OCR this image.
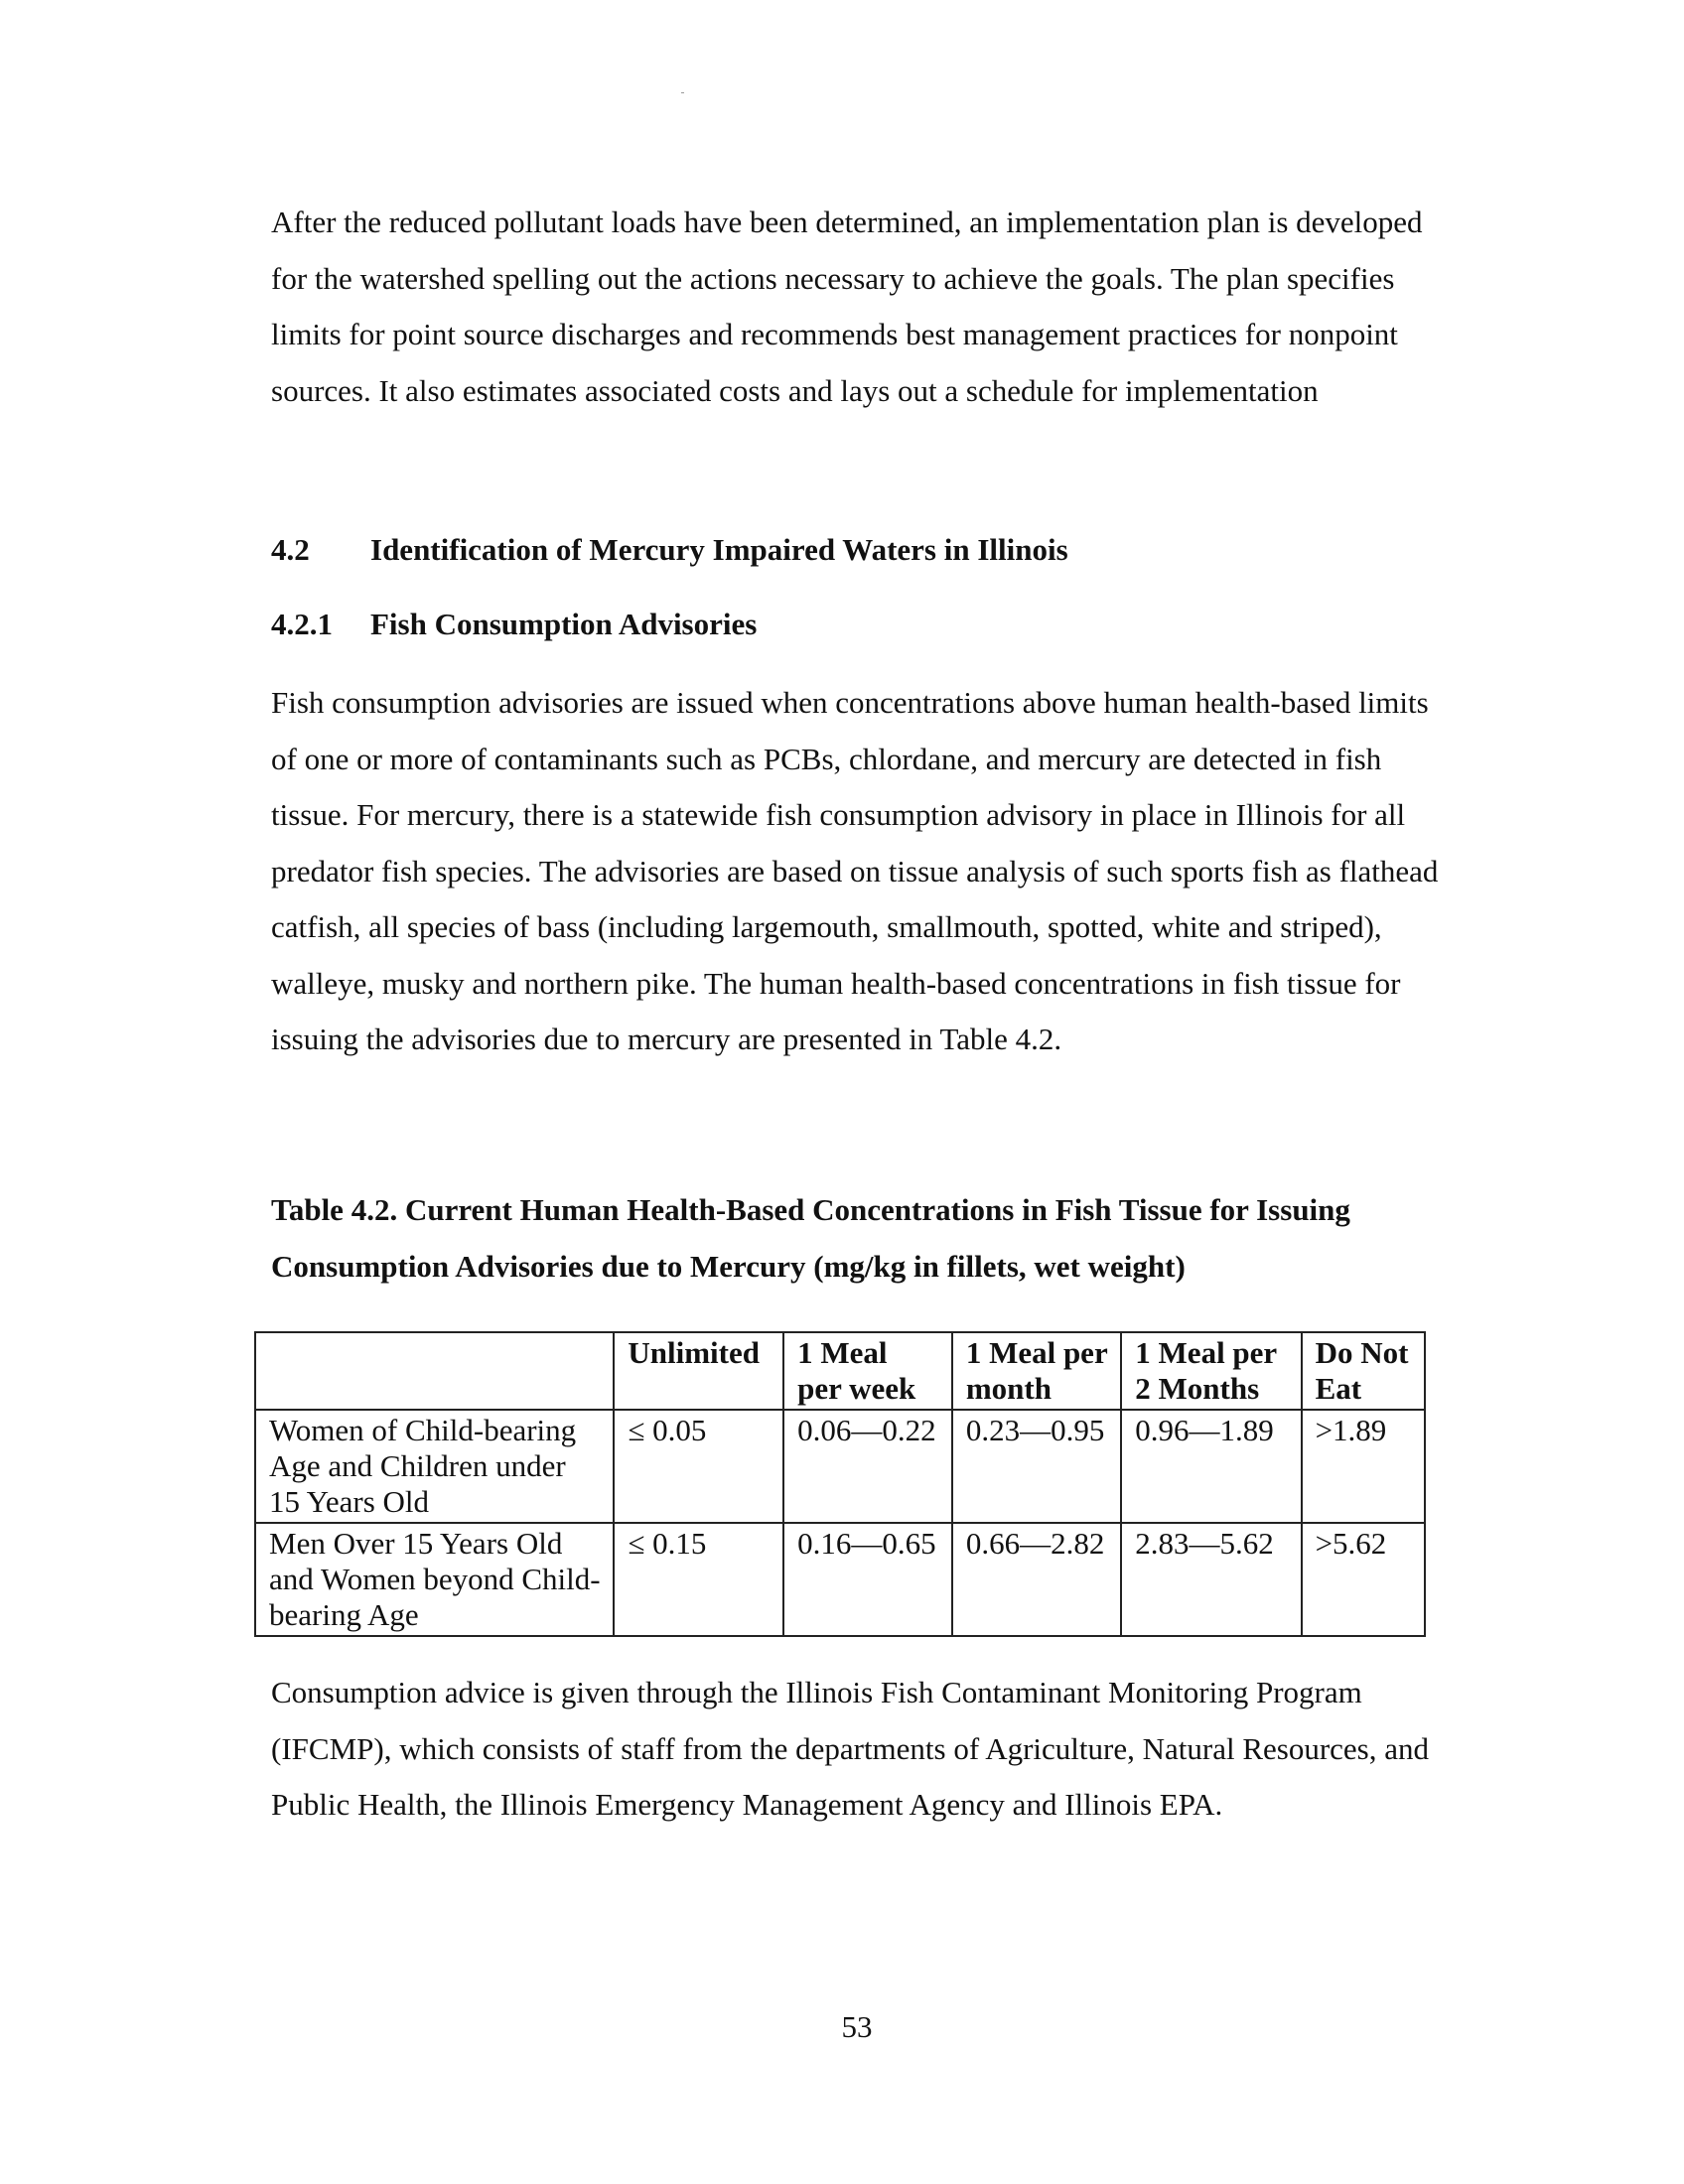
After the reduced pollutant loads have been determined, an implementation plan is developed for the watershed spelling out the actions necessary to achieve the goals. The plan specifies limits for point source discharges and recommends best management practices for nonpoint sources. It also estimates associated costs and lays out a schedule for implementation

4.2 Identification of Mercury Impaired Waters in Illinois
4.2.1 Fish Consumption Advisories

Fish consumption advisories are issued when concentrations above human health-based limits of one or more of contaminants such as PCBs, chlordane, and mercury are detected in fish tissue. For mercury, there is a statewide fish consumption advisory in place in Illinois for all predator fish species. The advisories are based on tissue analysis of such sports fish as flathead catfish, all species of bass (including largemouth, smallmouth, spotted, white and striped), walleye, musky and northern pike. The human health-based concentrations in fish tissue for issuing the advisories due to mercury are presented in Table 4.2.

Table 4.2. Current Human Health-Based Concentrations in Fish Tissue for Issuing Consumption Advisories due to Mercury (mg/kg in fillets, wet weight)

	Unlimited	1 Meal per week	1 Meal per month	1 Meal per 2 Months	Do Not Eat
Women of Child-bearing Age and Children under 15 Years Old	≤ 0.05	0.06—0.22	0.23—0.95	0.96—1.89	>1.89
Men Over 15 Years Old and Women beyond Child-bearing Age	≤ 0.15	0.16—0.65	0.66—2.82	2.83—5.62	>5.62

Consumption advice is given through the Illinois Fish Contaminant Monitoring Program (IFCMP), which consists of staff from the departments of Agriculture, Natural Resources, and Public Health, the Illinois Emergency Management Agency and Illinois EPA.

53
